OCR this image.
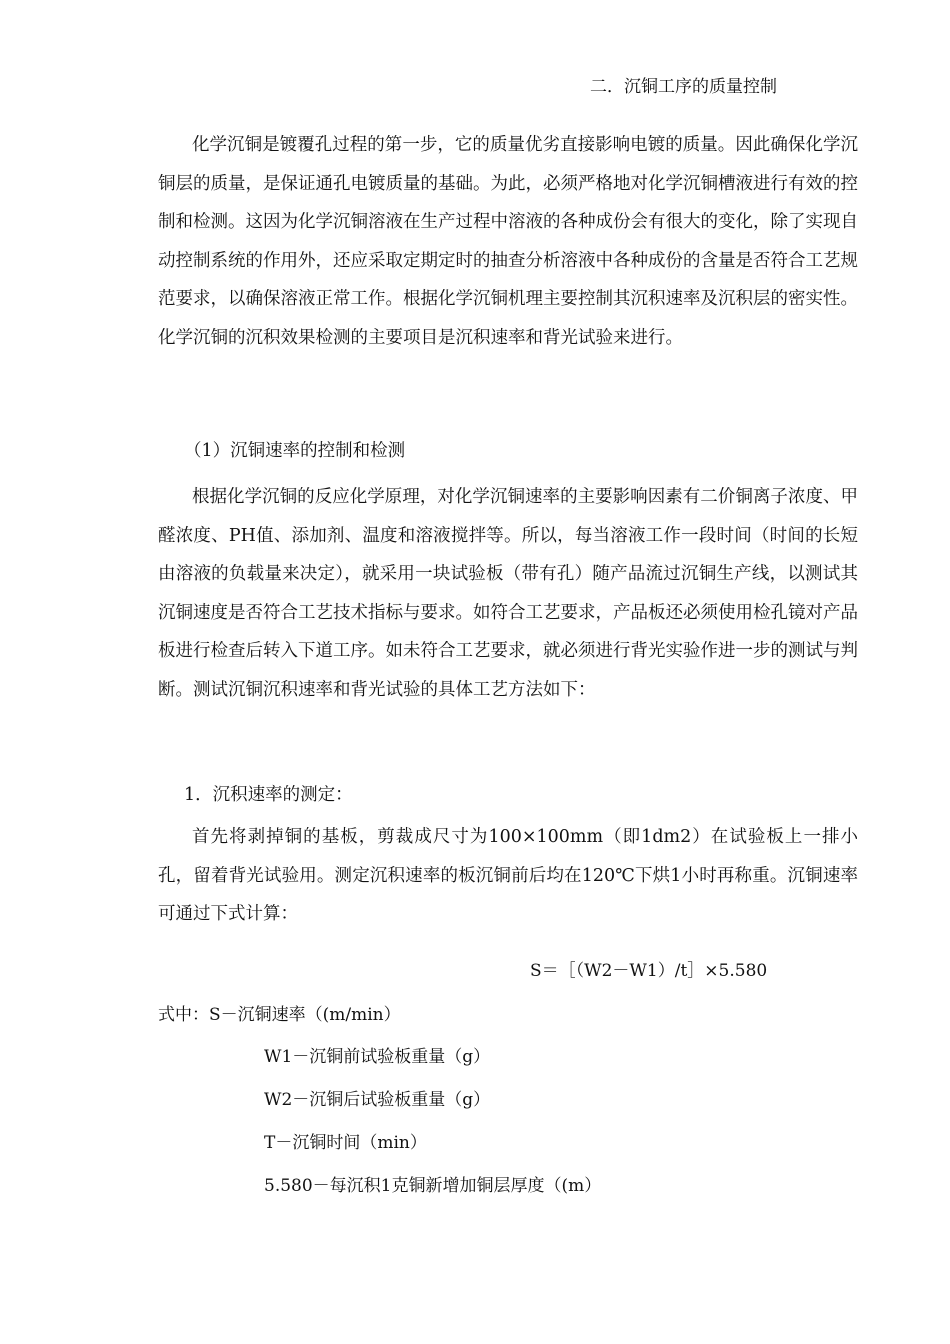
二．沉铜工序的质量控制
化学沉铜是镀覆孔过程的第一步，它的质量优劣直接影响电镀的质量。因此确保化学沉铜层的质量，是保证通孔电镀质量的基础。为此，必须严格地对化学沉铜槽液进行有效的控制和检测。这因为化学沉铜溶液在生产过程中溶液的各种成份会有很大的变化，除了实现自动控制系统的作用外，还应采取定期定时的抽查分析溶液中各种成份的含量是否符合工艺规范要求，以确保溶液正常工作。根据化学沉铜机理主要控制其沉积速率及沉积层的密实性。化学沉铜的沉积效果检测的主要项目是沉积速率和背光试验来进行。
（1）沉铜速率的控制和检测
根据化学沉铜的反应化学原理，对化学沉铜速率的主要影响因素有二价铜离子浓度、甲醛浓度、PH值、添加剂、温度和溶液搅拌等。所以，每当溶液工作一段时间（时间的长短由溶液的负载量来决定），就采用一块试验板（带有孔）随产品流过沉铜生产线，以测试其沉铜速度是否符合工艺技术指标与要求。如符合工艺要求，产品板还必须使用检孔镜对产品板进行检查后转入下道工序。如未符合工艺要求，就必须进行背光实验作进一步的测试与判断。测试沉铜沉积速率和背光试验的具体工艺方法如下：
1．沉积速率的测定：
首先将剥掉铜的基板，剪裁成尺寸为100×100mm（即1dm2）在试验板上一排小孔，留着背光试验用。测定沉积速率的板沉铜前后均在120℃下烘1小时再称重。沉铜速率可通过下式计算：
S＝［（W2－W1）/t］×5.580
式中：S－沉铜速率（(m/min）
W1－沉铜前试验板重量（g）
W2－沉铜后试验板重量（g）
T－沉铜时间（min）
5.580－每沉积1克铜新增加铜层厚度（(m）
